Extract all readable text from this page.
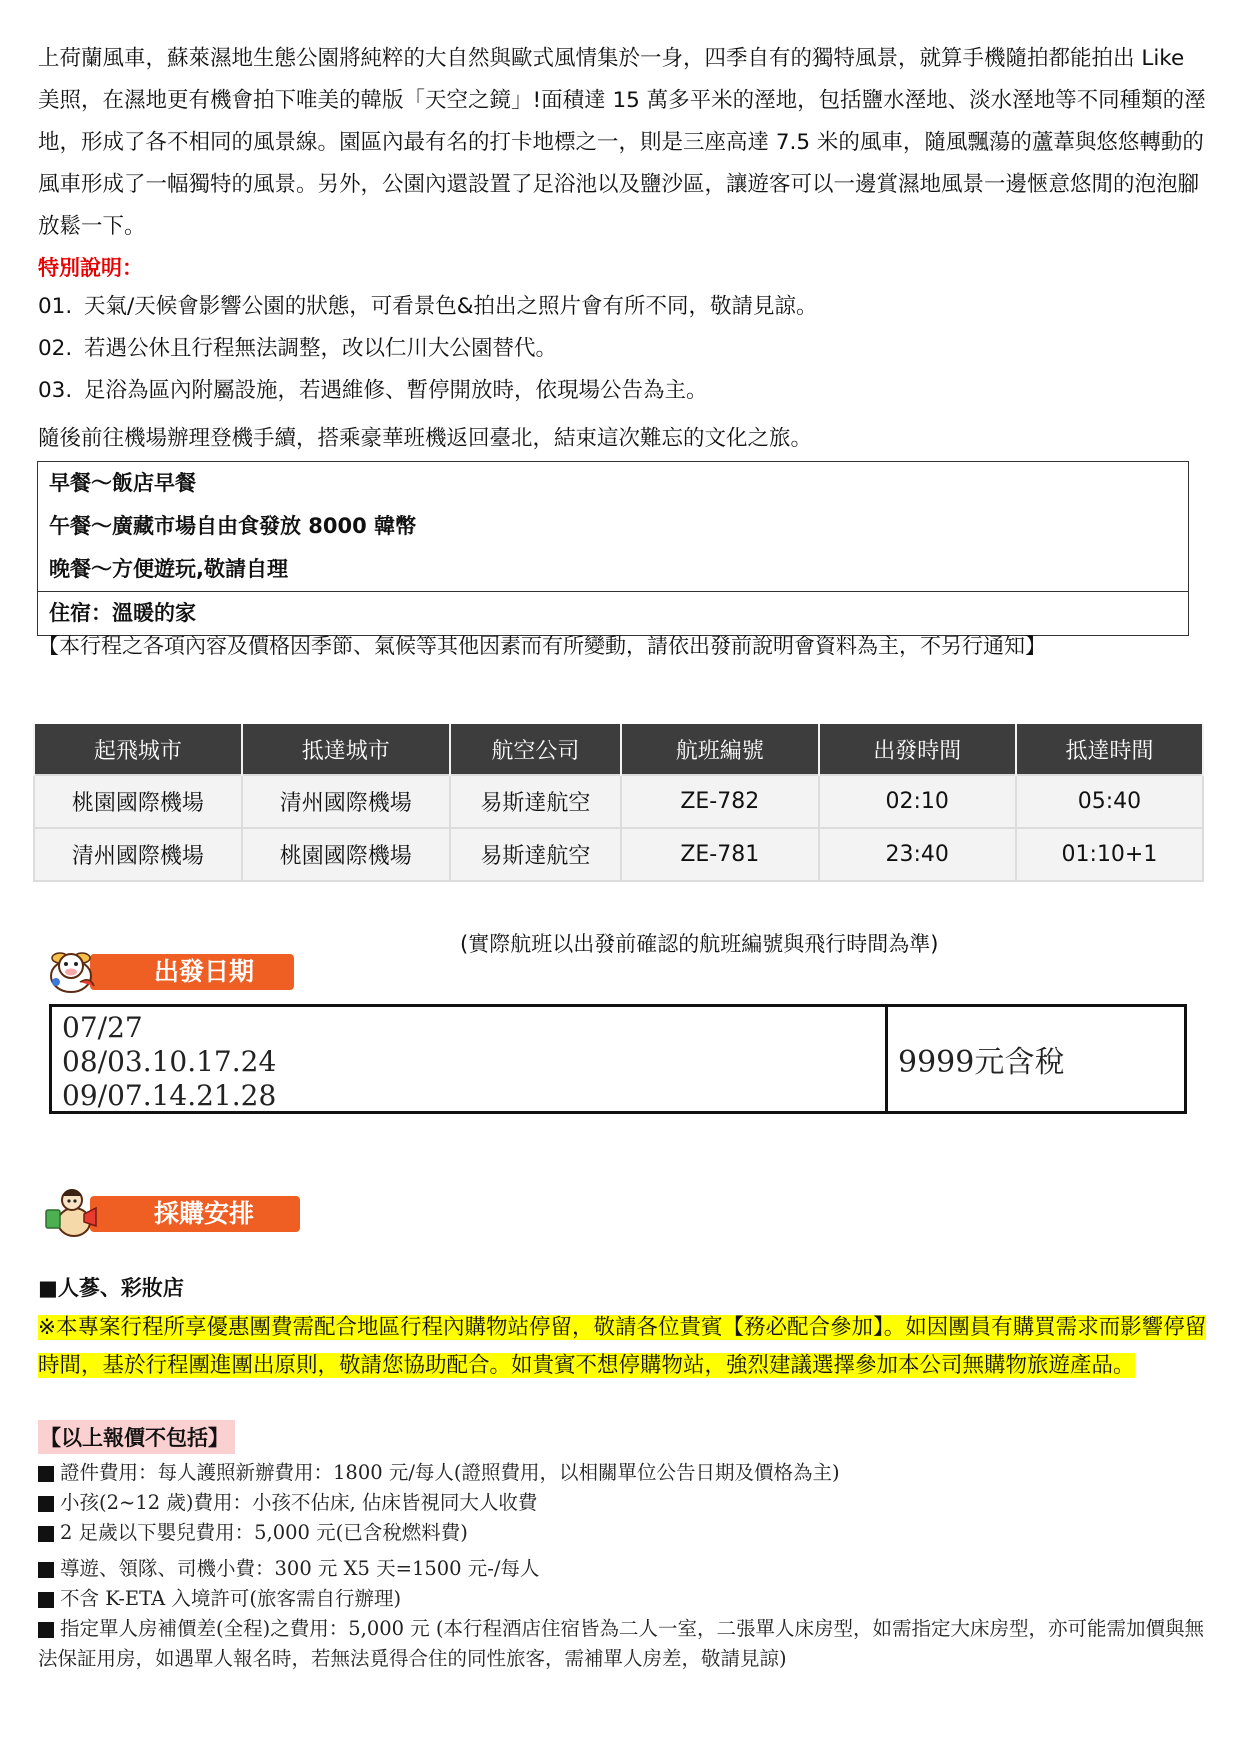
上荷蘭風車，蘇萊濕地生態公園將純粹的大自然與歐式風情集於一身，四季自有的獨特風景，就算手機隨拍都能拍出 Like 美照，在濕地更有機會拍下唯美的韓版「天空之鏡」!面積達 15 萬多平米的溼地，包括鹽水溼地、淡水溼地等不同種類的溼地，形成了各不相同的風景線。園區內最有名的打卡地標之一，則是三座高達 7.5 米的風車，隨風飄蕩的蘆葦與悠悠轉動的風車形成了一幅獨特的風景。另外，公園內還設置了足浴池以及鹽沙區，讓遊客可以一邊賞濕地風景一邊愜意悠閒的泡泡腳放鬆一下。

特別說明：
01. 天氣/天候會影響公園的狀態，可看景色&拍出之照片會有所不同，敬請見諒。
02. 若遇公休且行程無法調整，改以仁川大公園替代。
03. 足浴為區內附屬設施，若遇維修、暫停開放時，依現場公告為主。
隨後前往機場辦理登機手續，搭乘豪華班機返回臺北，結束這次難忘的文化之旅。
早餐～飯店早餐
午餐～廣藏市場自由食發放 8000 韓幣
晚餐～方便遊玩,敬請自理
住宿：溫暖的家
【本行程之各項內容及價格因季節、氣候等其他因素而有所變動，請依出發前說明會資料為主，不另行通知】
起飛城市	抵達城市	航空公司	航班編號	出發時間	抵達時間
桃園國際機場	清州國際機場	易斯達航空	ZE-782	02:10	05:40
清州國際機場	桃園國際機場	易斯達航空	ZE-781	23:40	01:10+1
(實際航班以出發前確認的航班編號與飛行時間為準)
出發日期
07/27
08/03.10.17.24
09/07.14.21.28
9999元含稅
採購安排
■人蔘、彩妝店
※本專案行程所享優惠團費需配合地區行程內購物站停留，敬請各位貴賓【務必配合參加】。如因團員有購買需求而影響停留時間，基於行程團進團出原則，敬請您協助配合。如貴賓不想停購物站，強烈建議選擇參加本公司無購物旅遊產品。
【以上報價不包括】
證件費用：每人護照新辦費用：1800 元/每人(證照費用，以相關單位公告日期及價格為主)
小孩(2~12 歲)費用：小孩不佔床, 佔床皆視同大人收費
2 足歲以下嬰兒費用：5,000 元(已含稅燃料費)
導遊、領隊、司機小費：300 元 X5 天=1500 元-/每人
不含 K-ETA 入境許可(旅客需自行辦理)
指定單人房補價差(全程)之費用：5,000 元 (本行程酒店住宿皆為二人一室，二張單人床房型，如需指定大床房型，亦可能需加價與無法保証用房，如遇單人報名時，若無法覓得合住的同性旅客，需補單人房差，敬請見諒)
